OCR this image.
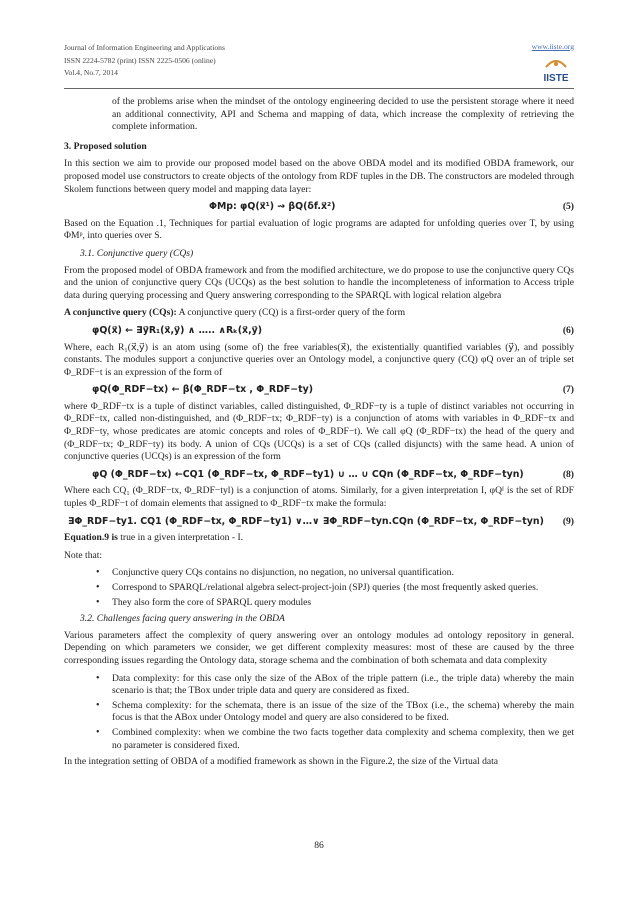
Journal of Information Engineering and Applications
ISSN 2224-5782 (print) ISSN 2225-0506 (online)
Vol.4, No.7, 2014
www.iiste.org
IISTE

of the problems arise when the mindset of the ontology engineering decided to use the persistent storage where it need an additional connectivity, API and Schema and mapping of data, which increase the complexity of retrieving the complete information.

3. Proposed solution

In this section we aim to provide our proposed model based on the above OBDA model and its modified OBDA framework, our proposed model use constructors to create objects of the ontology from RDF tuples in the DB. The constructors are modeled through Skolem functions between query model and mapping data layer:

ΦMp: φQ(x⃗¹) ⇝ βQ(δf.x⃗²)	(5)

Based on the Equation .1, Techniques for partial evaluation of logic programs are adapted for unfolding queries over T, by using ΦMᵖ, into queries over S.

3.1. Conjunctive query (CQs)

From the proposed model of OBDA framework and from the modified architecture, we do propose to use the conjunctive query CQs and the union of conjunctive query CQs (UCQs) as the best solution to handle the incompleteness of information to Access triple data during querying processing and Query answering corresponding to the SPARQL with logical relation algebra

A conjunctive query (CQs): A conjunctive query (CQ) is a first-order query of the form

φQ(x⃗) ← ∃y⃗R₁(x⃗,y⃗) ∧ ….. ∧Rₖ(x⃗,y⃗)	(6)

Where, each R₁(x⃗,y⃗) is an atom using (some of) the free variables(x⃗), the existentially quantified variables (y⃗), and possibly constants. The modules support a conjunctive queries over an Ontology model, a conjunctive query (CQ) φQ over an of triple set Φ_RDF−t is an expression of the form of

φQ(Φ_RDF−tx) ← β(Φ_RDF−tx , Φ_RDF−ty)	(7)

where Φ_RDF−tx is a tuple of distinct variables, called distinguished, Φ_RDF−ty is a tuple of distinct variables not occurring in Φ_RDF−tx, called non-distinguished, and (Φ_RDF−tx; Φ_RDF−ty) is a conjunction of atoms with variables in Φ_RDF−tx and Φ_RDF−ty, whose predicates are atomic concepts and roles of Φ_RDF−t). We call φQ (Φ_RDF−tx) the head of the query and (Φ_RDF−tx; Φ_RDF−ty) its body. A union of CQs (UCQs) is a set of CQs (called disjuncts) with the same head. A union of conjunctive queries (UCQs) is an expression of the form

φQ (Φ_RDF−tx) ←CQ1 (Φ_RDF−tx, Φ_RDF−ty1) ∪ … ∪ CQn (Φ_RDF−tx, Φ_RDF−tyn)	(8)

Where each CQ₁ (Φ_RDF−tx, Φ_RDF−tyl) is a conjunction of atoms. Similarly, for a given interpretation I, φQᴵ is the set of RDF tuples Φ_RDF−t of domain elements that assigned to Φ_RDF−tx make the formula:

∃Φ_RDF−ty1. CQ1 (Φ_RDF−tx, Φ_RDF−ty1) ∨…∨ ∃Φ_RDF−tyn.CQn (Φ_RDF−tx, Φ_RDF−tyn) (9)

Equation.9 is true in a given interpretation - I.

Note that:

• Conjunctive query CQs contains no disjunction, no negation, no universal quantification.
• Correspond to SPARQL/relational algebra select-project-join (SPJ) queries {the most frequently asked queries.
• They also form the core of SPARQL query modules

3.2. Challenges facing query answering in the OBDA

Various parameters affect the complexity of query answering over an ontology modules ad ontology repository in general. Depending on which parameters we consider, we get different complexity measures: most of these are caused by the three corresponding issues regarding the Ontology data, storage schema and the combination of both schemata and data complexity

• Data complexity: for this case only the size of the ABox of the triple pattern (i.e., the triple data) whereby the main scenario is that; the TBox under triple data and query are considered as fixed.
• Schema complexity: for the schemata, there is an issue of the size of the TBox (i.e., the schema) whereby the main focus is that the ABox under Ontology model and query are also considered to be fixed.
• Combined complexity: when we combine the two facts together data complexity and schema complexity, then we get no parameter is considered fixed.

In the integration setting of OBDA of a modified framework as shown in the Figure.2, the size of the Virtual data

86
